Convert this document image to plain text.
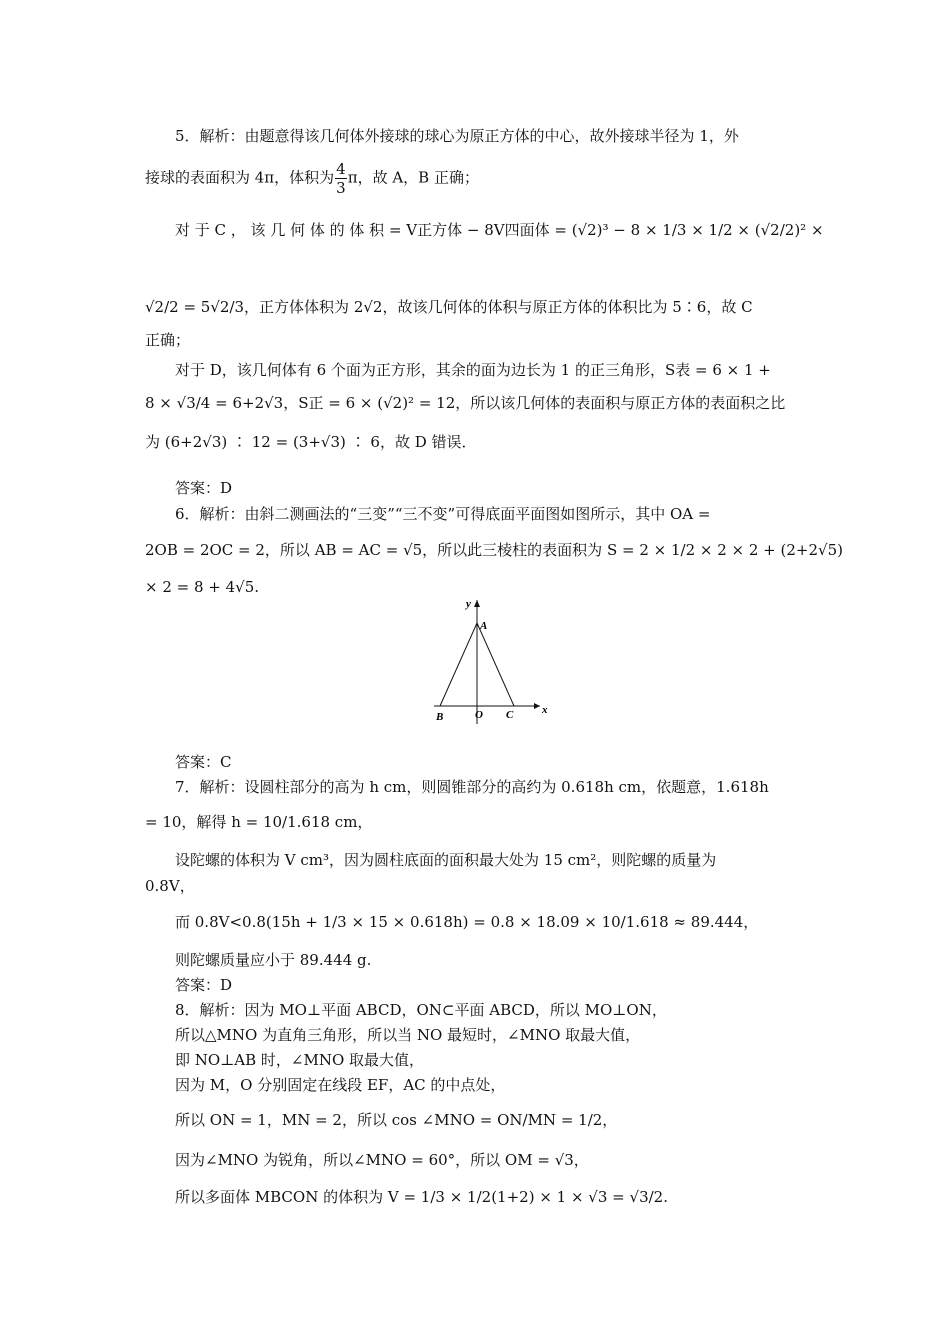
5．解析：由题意得该几何体外接球的球心为原正方体的中心，故外接球半径为 1，外
接球的表面积为 4π，体积为 $\frac{4}{3}$ π，故 A，B 正确；
对 于 C ， 该 几 何 体 的 体 积 = V正方体 − 8V四面体 = (√2)³ − 8 × 1/3 × 1/2 × (√2/2)² ×
√2/2 = 5√2/3，正方体体积为 2√2，故该几何体的体积与原正方体的体积比为 5∶6，故 C
正确；
对于 D，该几何体有 6 个面为正方形，其余的面为边长为 1 的正三角形，S表 = 6 × 1 +
8 × √3/4 = 6+2√3，S正 = 6 × (√2)² = 12，所以该几何体的表面积与原正方体的表面积之比
为 (6+2√3) ∶ 12 = (3+√3) ∶ 6，故 D 错误．
答案：D
6．解析：由斜二测画法的“三变”“三不变”可得底面平面图如图所示，其中 OA =
2OB = 2OC = 2，所以 AB = AC = √5，所以此三棱柱的表面积为 S = 2 × 1/2 × 2 × 2 + (2+2√5)
× 2 = 8 + 4√5.
y
x
A
B	O C
答案：C
7．解析：设圆柱部分的高为 h cm，则圆锥部分的高约为 0.618h cm，依题意，1.618h
= 10，解得 h = 10/1.618 cm，
设陀螺的体积为 V cm³，因为圆柱底面的面积最大处为 15 cm²，则陀螺的质量为
0.8V，
而 0.8V<0.8(15h + 1/3 × 15 × 0.618h) = 0.8 × 18.09 × 10/1.618 ≈ 89.444，
则陀螺质量应小于 89.444 g.
答案：D
8．解析：因为 MO⊥平面 ABCD，ON⊂平面 ABCD，所以 MO⊥ON，
所以△MNO 为直角三角形，所以当 NO 最短时，∠MNO 取最大值，
即 NO⊥AB 时，∠MNO 取最大值，
因为 M，O 分别固定在线段 EF，AC 的中点处，
所以 ON = 1，MN = 2，所以 cos ∠MNO = ON/MN = 1/2，
因为∠MNO 为锐角，所以∠MNO = 60°，所以 OM = √3，
所以多面体 MBCON 的体积为 V = 1/3 × 1/2(1+2) × 1 × √3 = √3/2.
